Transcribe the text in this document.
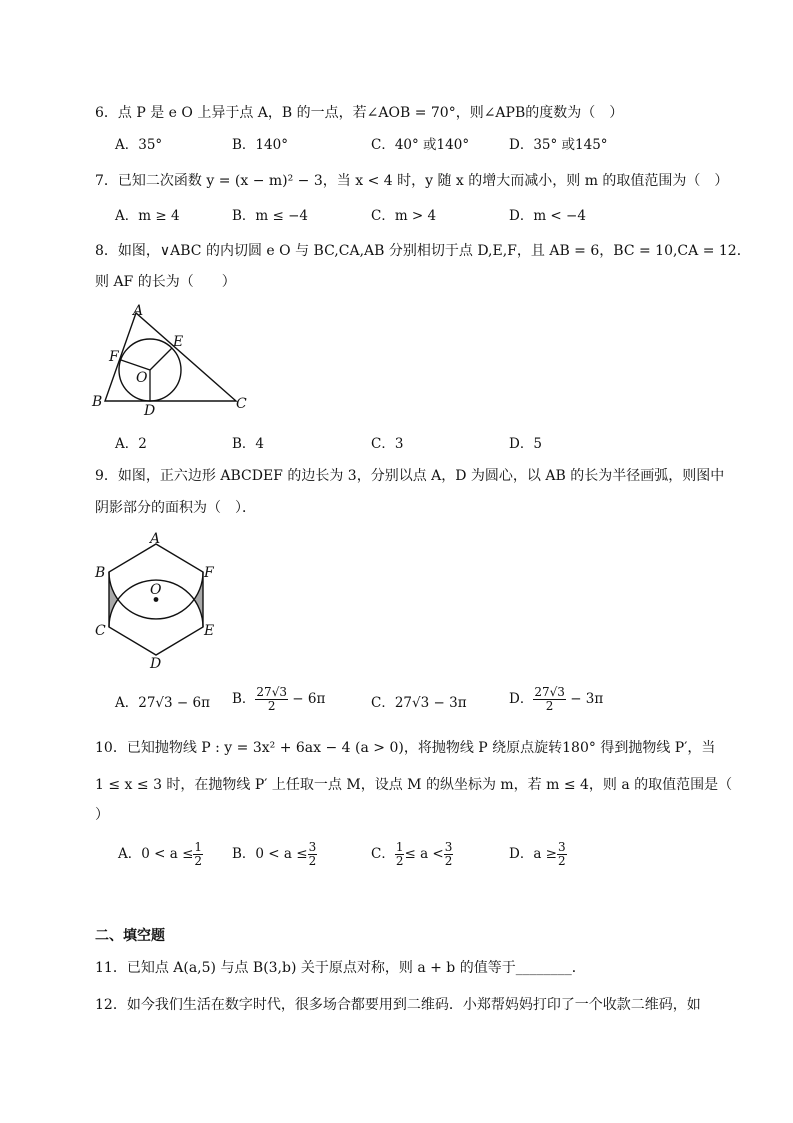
6．点 P 是 e O 上异于点 A，B 的一点，若∠AOB = 70°，则∠APB的度数为（　）
A．35°	B．140°	C．40° 或140°	D．35° 或145°
7．已知二次函数 y = (x − m)² − 3，当 x < 4 时，y 随 x 的增大而减小，则 m 的取值范围为（　）
A．m ≥ 4	B．m ≤ −4	C．m > 4	D．m < −4
8．如图，∨ABC 的内切圆 e O 与 BC,CA,AB 分别相切于点 D,E,F，且 AB = 6，BC = 10,CA = 12．
则 AF 的长为（　　）
A
B	C
D
E
F
O
A．2	B．4	C．3	D．5
9．如图，正六边形 ABCDEF 的边长为 3，分别以点 A，D 为圆心，以 AB 的长为半径画弧，则图中
阴影部分的面积为（　）．
A
B
C
D
E
F
O
A．27√3 − 6π B． $\frac{27√3}{2} - 6\pi$	C．27√3 − 3π	D． $\frac{27√3}{2} - 3\pi$
10．已知抛物线 P : y = 3x² + 6ax − 4 (a > 0)，将抛物线 P 绕原点旋转180° 得到抛物线 P′，当
1 ≤ x ≤ 3 时，在抛物线 P′ 上任取一点 M，设点 M 的纵坐标为 m，若 m ≤ 4，则 a 的取值范围是（
）
A．$0 < a \le \frac{1}{2}$ B．$0 < a \le \frac{3}{2}$	C． $\frac{1}{2} \le a < \frac{3}{2}$	D．$a \ge \frac{3}{2}$
二、填空题
11．已知点 A(a,5) 与点 B(3,b) 关于原点对称，则 a + b 的值等于________．
12．如今我们生活在数字时代，很多场合都要用到二维码．小郑帮妈妈打印了一个收款二维码，如
